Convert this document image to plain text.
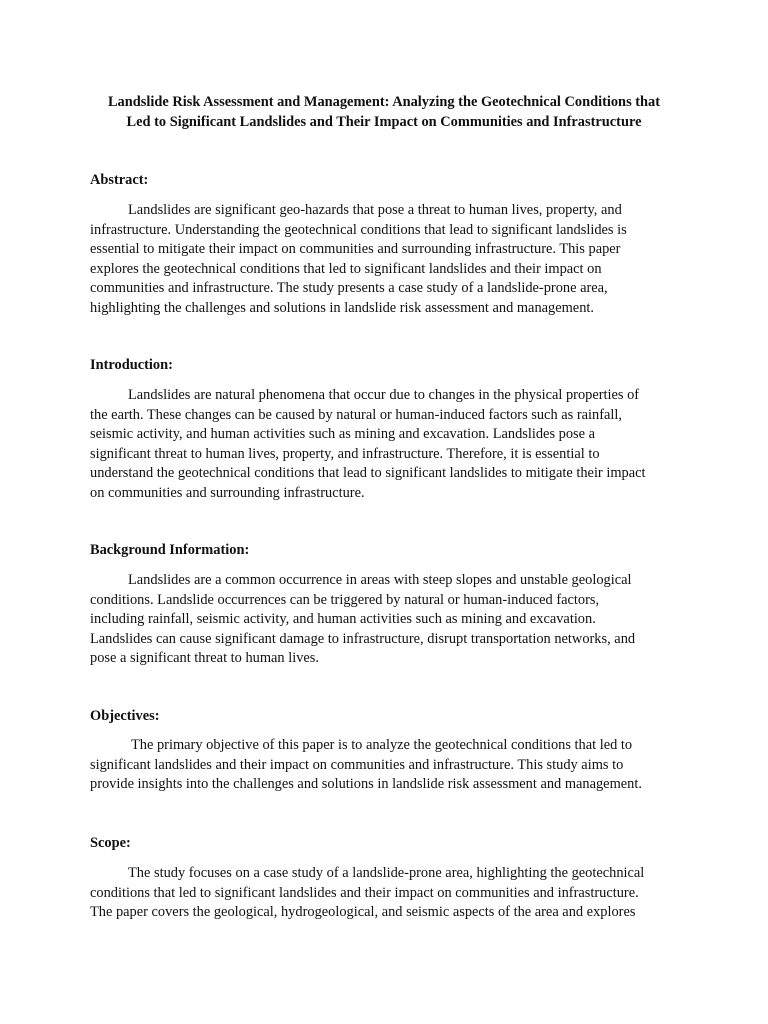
Landslide Risk Assessment and Management: Analyzing the Geotechnical Conditions that
Led to Significant Landslides and Their Impact on Communities and Infrastructure
Abstract:

Landslides are significant geo-hazards that pose a threat to human lives, property, and
infrastructure. Understanding the geotechnical conditions that lead to significant landslides is
essential to mitigate their impact on communities and surrounding infrastructure. This paper
explores the geotechnical conditions that led to significant landslides and their impact on
communities and infrastructure. The study presents a case study of a landslide-prone area,
highlighting the challenges and solutions in landslide risk assessment and management.

Introduction:

Landslides are natural phenomena that occur due to changes in the physical properties of
the earth. These changes can be caused by natural or human-induced factors such as rainfall,
seismic activity, and human activities such as mining and excavation. Landslides pose a
significant threat to human lives, property, and infrastructure. Therefore, it is essential to
understand the geotechnical conditions that lead to significant landslides to mitigate their impact
on communities and surrounding infrastructure.

Background Information:

Landslides are a common occurrence in areas with steep slopes and unstable geological
conditions. Landslide occurrences can be triggered by natural or human-induced factors,
including rainfall, seismic activity, and human activities such as mining and excavation.
Landslides can cause significant damage to infrastructure, disrupt transportation networks, and
pose a significant threat to human lives.

Objectives:

The primary objective of this paper is to analyze the geotechnical conditions that led to
significant landslides and their impact on communities and infrastructure. This study aims to
provide insights into the challenges and solutions in landslide risk assessment and management.

Scope:

The study focuses on a case study of a landslide-prone area, highlighting the geotechnical
conditions that led to significant landslides and their impact on communities and infrastructure.
The paper covers the geological, hydrogeological, and seismic aspects of the area and explores
